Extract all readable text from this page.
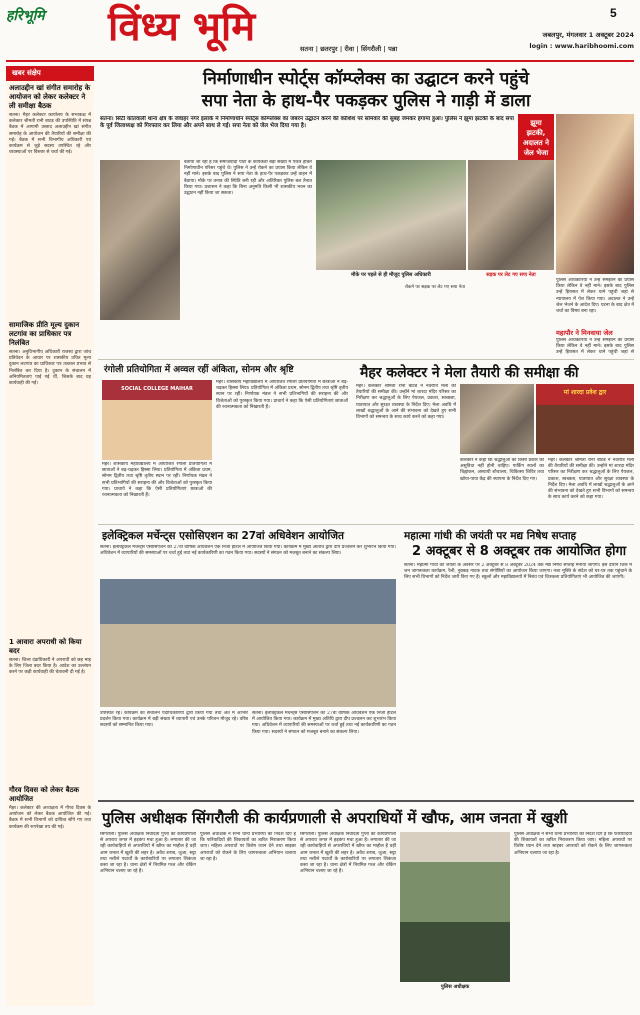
हरिभूमि विंध्य भूमि	5
जबलपुर, मंगलवार 1 अक्टूबर 2024
login : www.haribhoomi.com
सतना | छतरपुर | रीवा | सिंगरौली | पन्ना
खबर संक्षेप
अलाउद्दीन खां संगीत समारोह के आयोजन को लेकर कलेक्टर ने ली समीक्षा बैठक
सतना। मैहर कलेक्टर कार्यालय के सभाकक्ष में कलेक्टर श्रीमती रानी बाटड की उपस्थिति में संपन्न बैठक में आगामी उस्ताद अलाउद्दीन खां संगीत समारोह के आयोजन की तैयारियों की समीक्षा की गई। बैठक में सभी विभागीय अधिकारी एवं कार्यक्रम से जुड़े सदस्य उपस्थित रहे और व्यवस्थाओं पर विस्तार से चर्चा की गई।
सामाजिक प्रीति मूल्य दुकान लटगांव का प्राधिकार पत्र निलंबित
सतना। अनुविभागीय अधिकारी राजस्व द्वारा जांच प्रतिवेदन के आधार पर शासकीय उचित मूल्य दुकान लटगांव का प्राधिकार पत्र तत्काल प्रभाव से निलंबित कर दिया है। दुकान के संचालन में अनियमितताएं पाई गई थीं, जिसके बाद यह कार्यवाही की गई।
1 आवारा अपराधी को किया बदर
सतना। जिला दंडाधिकारी ने अपराधी को छह माह के लिए जिला बदर किया है। आदेश का उल्लंघन करने पर कड़ी कार्यवाही की चेतावनी दी गई है।
गौरव दिवस को लेकर बैठक आयोजित
मैहर। कलेक्टर की अध्यक्षता में गौरव दिवस के आयोजन को लेकर बैठक आयोजित की गई। बैठक में सभी विभागों को दायित्व सौंपे गए तथा कार्यक्रम की रूपरेखा तय की गई।
निर्माणाधीन स्पोर्ट्स कॉम्प्लेक्स का उद्घाटन करने पहुंचे
सपा नेता के हाथ-पैर पकड़कर पुलिस ने गाड़ी में डाला
सतना। सिटी कोतवाली थाना क्षेत्र के जवाहर नगर इलाके में निर्माणाधीन स्पोर्ट्स कॉम्प्लेक्स का जबरन उद्घाटन करने की कोशिश पर सोमवार की सुबह जमकर हंगामा हुआ। पुलिस ने झूमा झटकी के बाद सपा के पूर्व जिलाध्यक्ष को गिरफ्तार कर लिया और अपने साथ ले गई। सपा नेता को जेल भेज दिया गया है।	झूमा झटकी, अदालत ने जेल भेजा
बताया जा रहा है कि समाजवादी पार्टी के कार्यकर्ता बड़ी संख्या में एकत्र होकर निर्माणाधीन परिसर पहुंचे थे। पुलिस ने उन्हें रोकने का प्रयास किया लेकिन वे नहीं माने। इसके बाद पुलिस ने सपा नेता के हाथ-पैर पकड़कर उन्हें वाहन में बैठाया। मौके पर तनाव की स्थिति बनी रही और अतिरिक्त पुलिस बल तैनात किया गया। प्रशासन ने कहा कि बिना अनुमति किसी भी शासकीय भवन का उद्घाटन नहीं किया जा सकता।
मौके पर पहले से ही मौजूद पुलिस अधिकारी	सड़क पर लेट गए सपा नेता
रोकने पर सड़क पर लेट गए सपा नेता
पुलिस अधिकारियों ने उन्हें समझाने का प्रयास किया लेकिन वे नहीं माने। इसके बाद पुलिस उन्हें हिरासत में लेकर थाने पहुंची जहां से न्यायालय में पेश किया गया। अदालत ने उन्हें जेल भेजने के आदेश दिए। घटना के बाद क्षेत्र में चर्चा का विषय बना रहा।
महापौर ने मिनवाया जेल
पुलिस अधिकारियों ने उन्हें समझाने का प्रयास किया लेकिन वे नहीं माने। इसके बाद पुलिस उन्हें हिरासत में लेकर थाने पहुंची जहां से
रंगोली प्रतियोगिता में अव्वल रहीं अंकिता, सोनम और श्रृष्टि
SOCIAL COLLEGE MAIHAR
मैहर। शासकीय महाविद्यालय में आयोजित रंगोली प्रतियोगिता में छात्राओं ने बढ़-चढ़कर हिस्सा लिया। प्रतियोगिता में अंकिता प्रथम, सोनम द्वितीय तथा श्रृष्टि तृतीय स्थान पर रहीं। निर्णायक मंडल ने सभी प्रतिभागियों की सराहना की और विजेताओं को पुरस्कृत किया गया। प्राचार्य ने कहा कि ऐसी प्रतियोगिताएं छात्राओं की रचनात्मकता को निखारती हैं।
मैहर। शासकीय महाविद्यालय में आयोजित रंगोली प्रतियोगिता में छात्राओं ने बढ़-चढ़कर हिस्सा लिया। प्रतियोगिता में अंकिता प्रथम, सोनम द्वितीय तथा श्रृष्टि तृतीय स्थान पर रहीं। निर्णायक मंडल ने सभी प्रतिभागियों की सराहना की और विजेताओं को पुरस्कृत किया गया। प्राचार्य ने कहा कि ऐसी प्रतियोगिताएं छात्राओं की रचनात्मकता को निखारती हैं।
मैहर कलेक्टर ने मेला तैयारी की समीक्षा की
मैहर। कलेक्टर श्रीमती रानी बाटड ने नवरात्रि मेला की तैयारियों की समीक्षा की। उन्होंने मां शारदा मंदिर परिसर का निरीक्षण कर श्रद्धालुओं के लिए पेयजल, प्रकाश, स्वच्छता, यातायात और सुरक्षा व्यवस्था के निर्देश दिए। मेला अवधि में लाखों श्रद्धालुओं के आने की संभावना को देखते हुए सभी विभागों को समन्वय के साथ कार्य करने को कहा गया।
मां शारदा प्रवेश द्वार
कलेक्टर ने कहा कि श्रद्धालुओं को किसी प्रकार की असुविधा नहीं होनी चाहिए। पार्किंग स्थलों का चिह्नांकन, अस्थायी शौचालय, चिकित्सा शिविर तथा खोया-पाया केंद्र की स्थापना के निर्देश दिए गए।
मैहर। कलेक्टर श्रीमती रानी बाटड ने नवरात्रि मेला की तैयारियों की समीक्षा की। उन्होंने मां शारदा मंदिर परिसर का निरीक्षण कर श्रद्धालुओं के लिए पेयजल, प्रकाश, स्वच्छता, यातायात और सुरक्षा व्यवस्था के निर्देश दिए। मेला अवधि में लाखों श्रद्धालुओं के आने की संभावना को देखते हुए सभी विभागों को समन्वय के साथ कार्य करने को कहा गया।
इलेक्ट्रिकल मर्चेन्ट्स एसोसिएशन का 27वां अधिवेशन आयोजित
सतना। इलेक्ट्रिकल मर्चेन्ट्स एसोसिएशन का 27वां वार्षिक अधिवेशन एक निजी होटल में आयोजित किया गया। कार्यक्रम में मुख्य अतिथि द्वारा दीप प्रज्वलन कर शुभारंभ किया गया। अधिवेशन में व्यापारियों की समस्याओं पर चर्चा हुई तथा नई कार्यकारिणी का गठन किया गया। सदस्यों ने संगठन को मजबूत बनाने का संकल्प लिया।
उपस्थित रहे। कार्यक्रम का संचालन पदाधिकारियों द्वारा किया गया तथा अंत में आभार प्रदर्शन किया गया। कार्यक्रम में बड़ी संख्या में व्यापारी एवं उनके परिजन मौजूद रहे। वरिष्ठ सदस्यों को सम्मानित किया गया।
सतना। इलेक्ट्रिकल मर्चेन्ट्स एसोसिएशन का 27वां वार्षिक अधिवेशन एक निजी होटल में आयोजित किया गया। कार्यक्रम में मुख्य अतिथि द्वारा दीप प्रज्वलन कर शुभारंभ किया गया। अधिवेशन में व्यापारियों की समस्याओं पर चर्चा हुई तथा नई कार्यकारिणी का गठन किया गया। सदस्यों ने संगठन को मजबूत बनाने का संकल्प लिया।
महात्मा गांधी की जयंती पर मद्य निषेध सप्ताह
2 अक्टूबर से 8 अक्टूबर तक आयोजित होगा
सतना। महात्मा गांधी की जयंती के अवसर पर 2 अक्टूबर से 8 अक्टूबर 2024 तक मद्य निषेध सप्ताह मनाया जाएगा। इस दौरान जिले में जन जागरूकता कार्यक्रम, रैली, नुक्कड़ नाटक तथा संगोष्ठियों का आयोजन किया जाएगा। नशा मुक्ति के संदेश को घर-घर तक पहुंचाने के लिए सभी विभागों को निर्देश जारी किए गए हैं। स्कूलों और महाविद्यालयों में निबंध एवं चित्रकला प्रतियोगिताएं भी आयोजित की जाएंगी।
पुलिस अधीक्षक सिंगरौली की कार्यप्रणाली से अपराधियों में खौफ, आम जनता में खुशी
सिंगरौली। पुलिस अधीक्षक निवेदिता गुप्ता की कार्यप्रणाली से अपराध जगत में हड़कंप मचा हुआ है। लगातार की जा रही कार्यवाहियों से अपराधियों में खौफ का माहौल है वहीं आम जनता में खुशी की लहर है। अवैध शराब, जुआ, सट्टा तथा नशीले पदार्थों के कारोबारियों पर लगातार शिकंजा कसा जा रहा है। थाना क्षेत्रों में नियमित गश्त और चेकिंग अभियान चलाए जा रहे हैं।
पुलिस अधीक्षक ने सभी थाना प्रभारियों को निर्देश दिए हैं कि फरियादियों की शिकायतों का त्वरित निराकरण किया जाए। महिला अपराधों पर विशेष ध्यान देने तथा साइबर अपराधों को रोकने के लिए जागरूकता अभियान चलाया जा रहा है।
सिंगरौली। पुलिस अधीक्षक निवेदिता गुप्ता की कार्यप्रणाली से अपराध जगत में हड़कंप मचा हुआ है। लगातार की जा रही कार्यवाहियों से अपराधियों में खौफ का माहौल है वहीं आम जनता में खुशी की लहर है। अवैध शराब, जुआ, सट्टा तथा नशीले पदार्थों के कारोबारियों पर लगातार शिकंजा कसा जा रहा है। थाना क्षेत्रों में नियमित गश्त और चेकिंग अभियान चलाए जा रहे हैं।
पुलिस अधीक्षक
पुलिस अधीक्षक ने सभी थाना प्रभारियों को निर्देश दिए हैं कि फरियादियों की शिकायतों का त्वरित निराकरण किया जाए। महिला अपराधों पर विशेष ध्यान देने तथा साइबर अपराधों को रोकने के लिए जागरूकता अभियान चलाया जा रहा है।
